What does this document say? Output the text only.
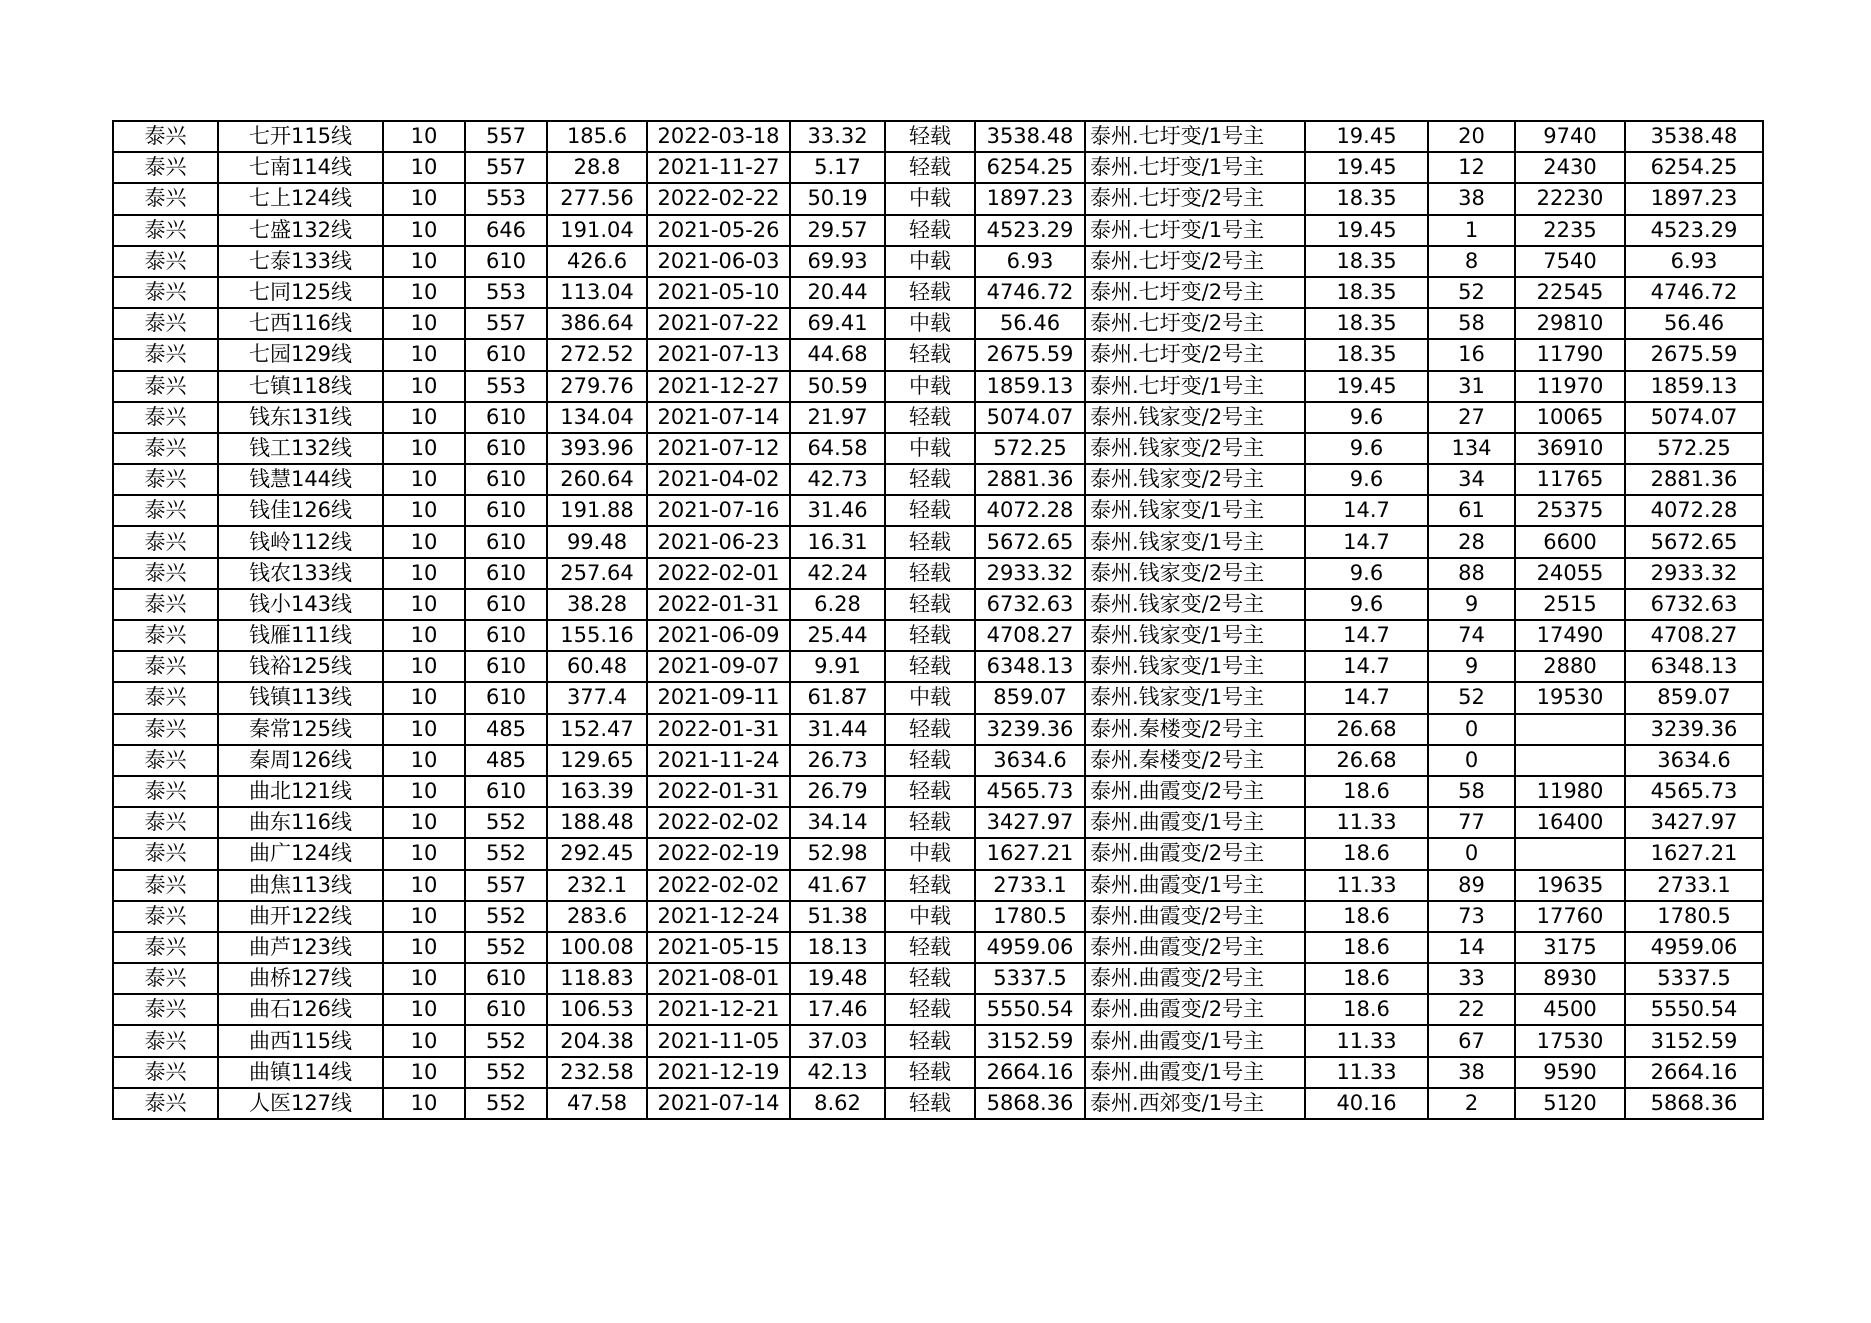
泰兴	七开115线	10	557	185.6	2022-03-18	33.32	轻载	3538.48	泰州.七圩变/1号主	19.45	20	9740	3538.48
泰兴	七南114线	10	557	28.8	2021-11-27	5.17	轻载	6254.25	泰州.七圩变/1号主	19.45	12	2430	6254.25
泰兴	七上124线	10	553	277.56	2022-02-22	50.19	中载	1897.23	泰州.七圩变/2号主	18.35	38	22230	1897.23
泰兴	七盛132线	10	646	191.04	2021-05-26	29.57	轻载	4523.29	泰州.七圩变/1号主	19.45	1	2235	4523.29
泰兴	七泰133线	10	610	426.6	2021-06-03	69.93	中载	6.93	泰州.七圩变/2号主	18.35	8	7540	6.93
泰兴	七同125线	10	553	113.04	2021-05-10	20.44	轻载	4746.72	泰州.七圩变/2号主	18.35	52	22545	4746.72
泰兴	七西116线	10	557	386.64	2021-07-22	69.41	中载	56.46	泰州.七圩变/2号主	18.35	58	29810	56.46
泰兴	七园129线	10	610	272.52	2021-07-13	44.68	轻载	2675.59	泰州.七圩变/2号主	18.35	16	11790	2675.59
泰兴	七镇118线	10	553	279.76	2021-12-27	50.59	中载	1859.13	泰州.七圩变/1号主	19.45	31	11970	1859.13
泰兴	钱东131线	10	610	134.04	2021-07-14	21.97	轻载	5074.07	泰州.钱家变/2号主	9.6	27	10065	5074.07
泰兴	钱工132线	10	610	393.96	2021-07-12	64.58	中载	572.25	泰州.钱家变/2号主	9.6	134	36910	572.25
泰兴	钱慧144线	10	610	260.64	2021-04-02	42.73	轻载	2881.36	泰州.钱家变/2号主	9.6	34	11765	2881.36
泰兴	钱佳126线	10	610	191.88	2021-07-16	31.46	轻载	4072.28	泰州.钱家变/1号主	14.7	61	25375	4072.28
泰兴	钱岭112线	10	610	99.48	2021-06-23	16.31	轻载	5672.65	泰州.钱家变/1号主	14.7	28	6600	5672.65
泰兴	钱农133线	10	610	257.64	2022-02-01	42.24	轻载	2933.32	泰州.钱家变/2号主	9.6	88	24055	2933.32
泰兴	钱小143线	10	610	38.28	2022-01-31	6.28	轻载	6732.63	泰州.钱家变/2号主	9.6	9	2515	6732.63
泰兴	钱雁111线	10	610	155.16	2021-06-09	25.44	轻载	4708.27	泰州.钱家变/1号主	14.7	74	17490	4708.27
泰兴	钱裕125线	10	610	60.48	2021-09-07	9.91	轻载	6348.13	泰州.钱家变/1号主	14.7	9	2880	6348.13
泰兴	钱镇113线	10	610	377.4	2021-09-11	61.87	中载	859.07	泰州.钱家变/1号主	14.7	52	19530	859.07
泰兴	秦常125线	10	485	152.47	2022-01-31	31.44	轻载	3239.36	泰州.秦楼变/2号主	26.68	0		3239.36
泰兴	秦周126线	10	485	129.65	2021-11-24	26.73	轻载	3634.6	泰州.秦楼变/2号主	26.68	0		3634.6
泰兴	曲北121线	10	610	163.39	2022-01-31	26.79	轻载	4565.73	泰州.曲霞变/2号主	18.6	58	11980	4565.73
泰兴	曲东116线	10	552	188.48	2022-02-02	34.14	轻载	3427.97	泰州.曲霞变/1号主	11.33	77	16400	3427.97
泰兴	曲广124线	10	552	292.45	2022-02-19	52.98	中载	1627.21	泰州.曲霞变/2号主	18.6	0		1627.21
泰兴	曲焦113线	10	557	232.1	2022-02-02	41.67	轻载	2733.1	泰州.曲霞变/1号主	11.33	89	19635	2733.1
泰兴	曲开122线	10	552	283.6	2021-12-24	51.38	中载	1780.5	泰州.曲霞变/2号主	18.6	73	17760	1780.5
泰兴	曲芦123线	10	552	100.08	2021-05-15	18.13	轻载	4959.06	泰州.曲霞变/2号主	18.6	14	3175	4959.06
泰兴	曲桥127线	10	610	118.83	2021-08-01	19.48	轻载	5337.5	泰州.曲霞变/2号主	18.6	33	8930	5337.5
泰兴	曲石126线	10	610	106.53	2021-12-21	17.46	轻载	5550.54	泰州.曲霞变/2号主	18.6	22	4500	5550.54
泰兴	曲西115线	10	552	204.38	2021-11-05	37.03	轻载	3152.59	泰州.曲霞变/1号主	11.33	67	17530	3152.59
泰兴	曲镇114线	10	552	232.58	2021-12-19	42.13	轻载	2664.16	泰州.曲霞变/1号主	11.33	38	9590	2664.16
泰兴	人医127线	10	552	47.58	2021-07-14	8.62	轻载	5868.36	泰州.西郊变/1号主	40.16	2	5120	5868.36
